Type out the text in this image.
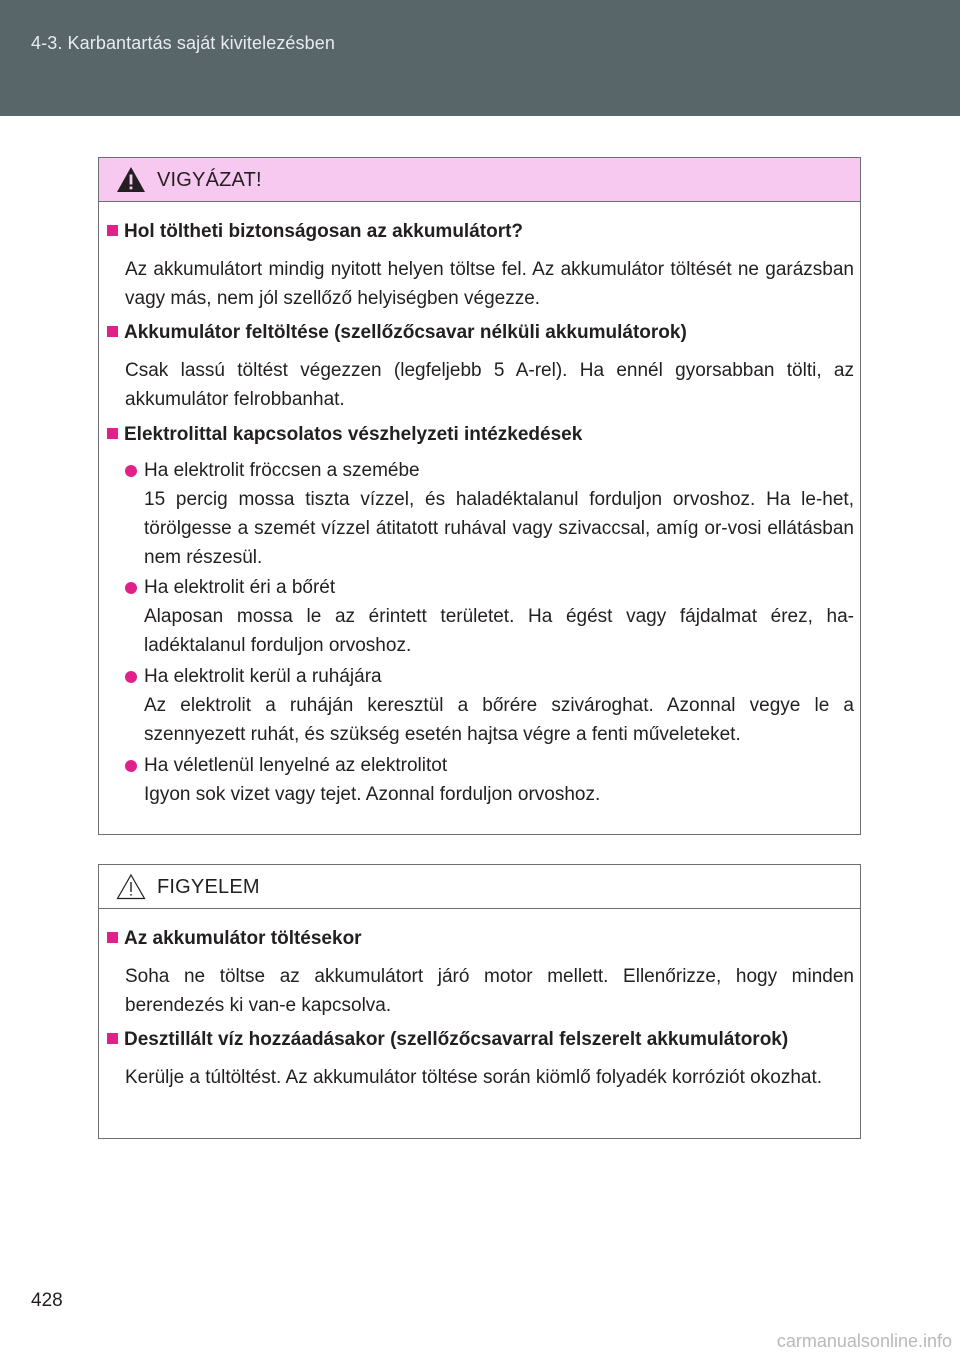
4-3. Karbantartás saját kivitelezésben
VIGYÁZAT!
Hol töltheti biztonságosan az akkumulátort?
Az akkumulátort mindig nyitott helyen töltse fel. Az akkumulátor töltését ne garázsban vagy más, nem jól szellőző helyiségben végezze.
Akkumulátor feltöltése (szellőzőcsavar nélküli akkumulátorok)
Csak lassú töltést végezzen (legfeljebb 5 A-rel). Ha ennél gyorsabban tölti, az akkumulátor felrobbanhat.
Elektrolittal kapcsolatos vészhelyzeti intézkedések
Ha elektrolit fröccsen a szemébe
15 percig mossa tiszta vízzel, és haladéktalanul forduljon orvoshoz. Ha le-het, törölgesse a szemét vízzel átitatott ruhával vagy szivaccsal, amíg or-vosi ellátásban nem részesül.
Ha elektrolit éri a bőrét
Alaposan mossa le az érintett területet. Ha égést vagy fájdalmat érez, ha-ladéktalanul forduljon orvoshoz.
Ha elektrolit kerül a ruhájára
Az elektrolit a ruháján keresztül a bőrére szivároghat. Azonnal vegye le a szennyezett ruhát, és szükség esetén hajtsa végre a fenti műveleteket.
Ha véletlenül lenyelné az elektrolitot
Igyon sok vizet vagy tejet. Azonnal forduljon orvoshoz.
FIGYELEM
Az akkumulátor töltésekor
Soha ne töltse az akkumulátort járó motor mellett. Ellenőrizze, hogy minden berendezés ki van-e kapcsolva.
Desztillált víz hozzáadásakor (szellőzőcsavarral felszerelt akkumulátorok)
Kerülje a túltöltést. Az akkumulátor töltése során kiömlő folyadék korróziót okozhat.
428
carmanualsonline.info
